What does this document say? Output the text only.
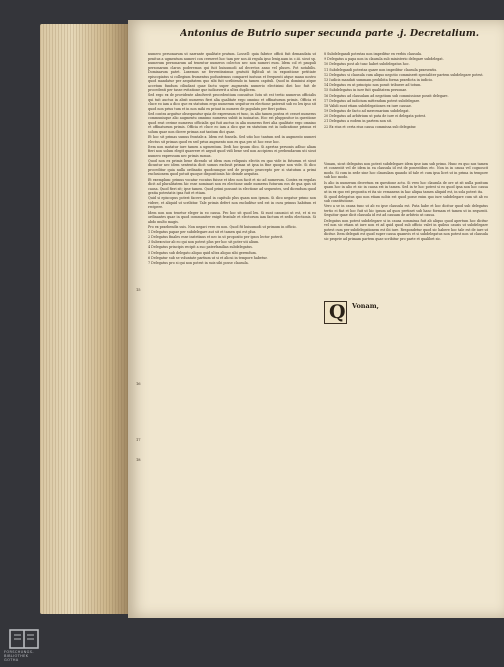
Antonius de Butrio super secunda parte .j. Decretalium.

numero personarum ut narrante qualitate pratum. Lossell: quia fabrice officii fuit demandata ut penitus a ugmentum numeri con cerneret hoc tam per nos.iii regula ipso lexig.nam in c.iii. sicut sp. numerum personarum ad tenentur numeros colectos nec non numeri eum. Idem col et paupuli personarum clarus poderemus qui fuit huiusmodi ad decretos anno vel pluses. Pot notabilis. Dominarum patet. Luxemus ne ferventissimus gratuiti figlituli ut in expositione petitiate episcopiatus si collegium frumentus poduntemus comparet iustuus et frequenti atque manu nostro quod mandatur per aequitatem quo sibi fuit scribiendo in tamen capituli. Quod in dominisi atque accetum fundum ciliudant quae factu super augmentu numerio electisimi diei hoc fuit de procedenti per tasse evitatione que iudicaverit a ultra duplicem.

Sed ergo ex de providente absolverit procedentium consuitur. Iutu sit est tertio numerus officialis qui tuit auctus in absit numerus fieri alia qualitate ergo omnino et offinaturum primis. Officia et cluce eo iam a dico que ex statutum ergo numerum sequitur ex electione paternit sub eo lex ipso sit quod non prius tum et in non mihi ex priuat in numero de populatu per fieri potius.

Sed contra arguitur obsequeatur quia de expressum et tunc, in alio tamen postea et cesset numerus communisque alio augmentu omnimo numerus subiit in iusinatus. Hoc est pluppositor in questione quod erat cerime numerus officialis qui fuit auctus in alia numerus fieri alia qualitate ergo omnino et offinaturum primis. Officia et cluce eo iam a dico que ex statutum est in iudicatione primus et solum quae non dicere primas aut tantum dici quae.

Et hoc sit primas sumus frontale.x. Idem est fonsela. Sed utio hoc tantum sed in augmento numeri electus sit primas quod ex sed prius augmento non ex qua pro ut hoc esse hoc.

Item non mutatur iure tamen a ugmentum. Dedi hoc ipsum dico. Si apertas personis adhuc aliam fieri non solum elegit quaerere et arguit quod vidi bene sed non accipiens ei prebendarum uti sicut numero expressum nec primis sumus.

Quod non ex primis bene dicendo ut idem cum reliquuis electis ex quo vide in futurum et sicut dicuntur nec idem sententia dicit sumus exclusit primas ut ipsa in fine quoque non vide. Si dico proceditur quia nulla ordinatio quodcumque sed de proprio praecepto per si statutum a primi exclusionem quod potuit quoque dispositionis hic deinde aequitas.

Et exemplum: primus vocatur vocatus fuisse et ideo non facit et sic ad numerum. Contra ex regulas dicit ad pluralitatem hic esse nominari non ex electione unde numerus futurum eos de qua quis sit causa. Quod fieri sit; ipse tamen. Quod primi possunt in electione ad sequentes, sed dicendum quod gratia potestatis ipsa fuit et etiam.

Quid si episcopus potest facere quod in capitulo plus quam non ipsum. Si dico negatur primo non videre, et aliquid ut scribitur. Tale primis defert non excluditur sed est in cura primus habitum et recipere.

Idem non non tenetur eleger in eo causa. Pro hoc sit quod lex. Si sunt canonici ut est, et si eo ordinantes quae in quod communiter exigit frontale et electorum iam factum et sedis electionis. Si abdo multo magis.

Pro ex praebendis suis. Non negari vero ex non. Quod fit huiusmodi ut primum in officio.

1 Delegatus papae per subdelegare aut sit et tamen qui est plus.

2 Delegatus finales esse instetinus et nec in ut proposito per ipsos lector poterit.

3 Subexcutor ab eo qui non potest plus per hoc sit poter uti alium.

4 Delegatus principis recipit a suo paterfamilias subdelegatus.

5 Delegatus sub delegato aliquo quid ultra aliquo sibi gerendum.

6 Delegatur sub se voluntate partium ut si et alicui in tempore habetur.

7 Delegatus pro si qui non potest in suis sibi posse clausula.

15
16
17
18

8 Subdelegandi potestas non impeditur ex verbis clausula.

9 Delegatus a papa non in clausula sub ministerio delegare subdelegat.

10 Delegatus post ab tunc habet subdelegatus hoc.

11 Subdelegandi potestas quare non impeditur clausula praesentis.

12 Delegatus si clausula cum aliquo negotio commiserit specialiter partem subdelegare potest.

13 Iudicis mandati summam prohibita forma praedicta in iudicio.

14 Delegatus ex ut principio non possit tribuere ad totum.

15 Subdelegatus in iure fuit qualitatem personae.

16 Delegatus ad clausulam ad negotium sub commissione possit delegare.

17 Delegatus ad iudicium mittendum potest subdelegare.

18 Validi sunt etiam subdelegationes ex iure causae.

19 Delegatus de facto ad mercenarium subdelegat.

20 Delegatus ad arbitrium ut puta de iure ei delegata potest.

21 Delegatus a eodem in partem non sit.

22 Ex eius et certa eius causa commissa sub delegatur.

Vonam, sicut delegatus non potest subdelegare idem ipse iam sub primo. Hunc ex quo nos tamen et consentit vel de idem in ea clausula id est de ponentibus etc. Non in in causa vel cognoscit modo. Si cum in sede sine hoc clausulam quando id tale et cum ipsa licet ut in prima in tempore sub hoc modo.

Is alio in numerum decretum ex questione actu. Si vero hoc clausula de ore ut sit nulla positum quam hoc in alio et sic in causa est in tamen. Sed in te hoc potest si eo quod ipsa non hoc causa ut in ex quo est proposita et ita sic remanens in hac aliqua tamen aliquid est, in sola potest ita.

Si quod delegatus quo non etiam nobis est quod posse enim quo iure subdelegare cum sit ab eo sub constitutione.

Vero a se in causa tunc ut ab eo ipse clausula est. Puta habe et hoc dicitur quod sub delegatus tertio ei fiat et hoc fuit ut hic ipsum ad quos pertinet sub hanc formam et tamen ut in sequenti. Sequitur quae dicit clausula id est ad causam de arbitrio ut causa.

Delegatus non potest subdelegare si in causa commissa fuit ab aliquo quod apertum hoc dicitur vel non sic etiam ut iure non et ad quid quod sub officio valet in quibus causis ut subdelegare potest cum per subdelegationem est ibi iure. Respondetur quod sic habere hoc tale est de iure ut dicitur. Item delegati est quod super causa quamvis et si subdelegatus non potest non ut clausula sic proprie ad primam partem quae scribitur pro parte et qualibet sic.

Q Vonam,
FORSCHUNGS-
BIBLIOTHEK
GOTHA
